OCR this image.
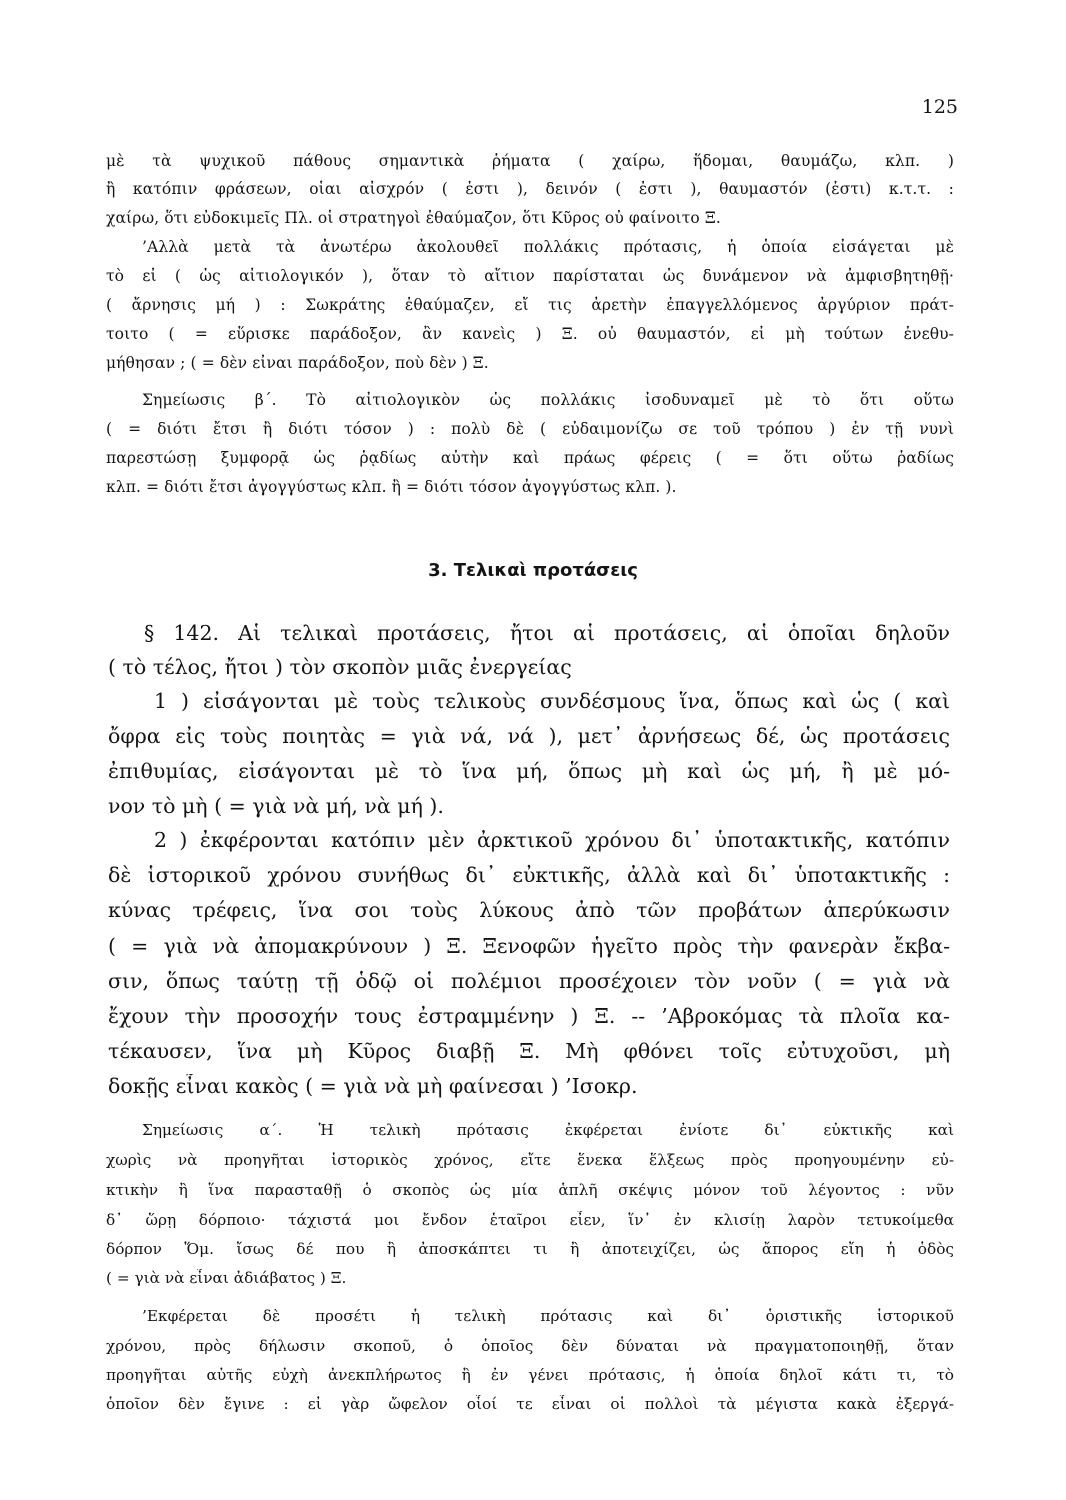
125
μὲ τὰ ψυχικοῦ πάθους σημαντικὰ ῥήματα ( χαίρω, ἥδομαι, θαυμάζω, κλπ. )
ἢ κατόπιν φράσεων, οἷαι αἰσχρόν ( ἐστι ), δεινόν ( ἐστι ), θαυμαστόν (ἐστι) κ.τ.τ. :
χαίρω, ὅτι εὐδοκιμεῖς Πλ. οἱ στρατηγοὶ ἐθαύμαζον, ὅτι Κῦρος οὐ φαίνοιτο Ξ.
’Αλλὰ μετὰ τὰ ἀνωτέρω ἀκολουθεῖ πολλάκις πρότασις, ἡ ὁποία εἰσάγεται μὲ
τὸ εἰ ( ὡς αἰτιολογικόν ), ὅταν τὸ αἴτιον παρίσταται ὡς δυνάμενον νὰ ἀμφισβητηθῇ·
( ἄρνησις μή ) : Σωκράτης ἐθαύμαζεν, εἴ τις ἀρετὴν ἐπαγγελλόμενος ἀργύριον πράτ-
τοιτο ( = εὕρισκε παράδοξον, ἂν κανεὶς ) Ξ. οὐ θαυμαστόν, εἰ μὴ τούτων ἐνεθυ-
μήθησαν ; ( = δὲν εἶναι παράδοξον, ποὺ δὲν ) Ξ.
Σημείωσις β΄. Τὸ αἰτιολογικὸν ὡς πολλάκις ἰσοδυναμεῖ μὲ τὸ ὅτι οὕτω
( = διότι ἔτσι ἢ διότι τόσον ) : πολὺ δὲ ( εὐδαιμονίζω σε τοῦ τρόπου ) ἐν τῇ νυνὶ
παρεστώσῃ ξυμφορᾷ ὡς ῥᾳδίως αὐτὴν καὶ πράως φέρεις ( = ὅτι οὕτω ῥαδίως
κλπ. = διότι ἔτσι ἀγογγύστως κλπ. ἢ = διότι τόσον ἀγογγύστως κλπ. ).
3. Τελικαὶ προτάσεις
§ 142. Αἱ τελικαὶ προτάσεις, ἤτοι αἱ προτάσεις, αἱ ὁποῖαι δηλοῦν
( τὸ τέλος, ἤτοι ) τὸν σκοπὸν μιᾶς ἐνεργείας
1 ) εἰσάγονται μὲ τοὺς τελικοὺς συνδέσμους ἵνα, ὅπως καὶ ὡς ( καὶ
ὄφρα εἰς τοὺς ποιητὰς = γιὰ νά, νά ), μετ᾽ ἀρνήσεως δέ, ὡς προτάσεις
ἐπιθυμίας, εἰσάγονται μὲ τὸ ἵνα μή, ὅπως μὴ καὶ ὡς μή, ἢ μὲ μό-
νον τὸ μὴ ( = γιὰ νὰ μή, νὰ μή ).
2 ) ἐκφέρονται κατόπιν μὲν ἀρκτικοῦ χρόνου δι᾽ ὑποτακτικῆς, κατόπιν
δὲ ἱστορικοῦ χρόνου συνήθως δι᾽ εὐκτικῆς, ἀλλὰ καὶ δι᾽ ὑποτακτικῆς :
κύνας τρέφεις, ἵνα σοι τοὺς λύκους ἀπὸ τῶν προβάτων ἀπερύκωσιν
( = γιὰ νὰ ἀπομακρύνουν ) Ξ. Ξενοφῶν ἡγεῖτο πρὸς τὴν φανερὰν ἔκβα-
σιν, ὅπως ταύτῃ τῇ ὁδῷ οἱ πολέμιοι προσέχοιεν τὸν νοῦν ( = γιὰ νὰ
ἔχουν τὴν προσοχήν τους ἐστραμμένην ) Ξ. -- ’Αβροκόμας τὰ πλοῖα κα-
τέκαυσεν, ἵνα μὴ Κῦρος διαβῇ Ξ. Μὴ φθόνει τοῖς εὐτυχοῦσι, μὴ
δοκῇς εἶναι κακὸς ( = γιὰ νὰ μὴ φαίνεσαι ) ’Ισοκρ.
Σημείωσις α΄. Ἡ τελικὴ πρότασις ἐκφέρεται ἐνίοτε δι᾽ εὐκτικῆς καὶ
χωρὶς νὰ προηγῆται ἱστορικὸς χρόνος, εἴτε ἕνεκα ἕλξεως πρὸς προηγουμένην εὐ-
κτικὴν ἢ ἵνα παρασταθῇ ὁ σκοπὸς ὡς μία ἁπλῆ σκέψις μόνον τοῦ λέγοντος : νῦν
δ᾽ ὥρῃ δόρποιο· τάχιστά μοι ἔνδον ἑταῖροι εἶεν, ἵν᾽ ἐν κλισίῃ λαρὸν τετυκοίμεθα
δόρπον Ὅμ. ἴσως δέ που ἢ ἀποσκάπτει τι ἢ ἀποτειχίζει, ὡς ἄπορος εἴη ἡ ὁδὸς
( = γιὰ νὰ εἶναι ἀδιάβατος ) Ξ.
’Εκφέρεται δὲ προσέτι ἡ τελικὴ πρότασις καὶ δι᾽ ὁριστικῆς ἱστορικοῦ
χρόνου, πρὸς δήλωσιν σκοποῦ, ὁ ὁποῖος δὲν δύναται νὰ πραγματοποιηθῇ, ὅταν
προηγῆται αὐτῆς εὐχὴ ἀνεκπλήρωτος ἢ ἐν γένει πρότασις, ἡ ὁποία δηλοῖ κάτι τι, τὸ
ὁποῖον δὲν ἔγινε : εἰ γὰρ ὤφελον οἷοί τε εἶναι οἱ πολλοὶ τὰ μέγιστα κακὰ ἐξεργά-
